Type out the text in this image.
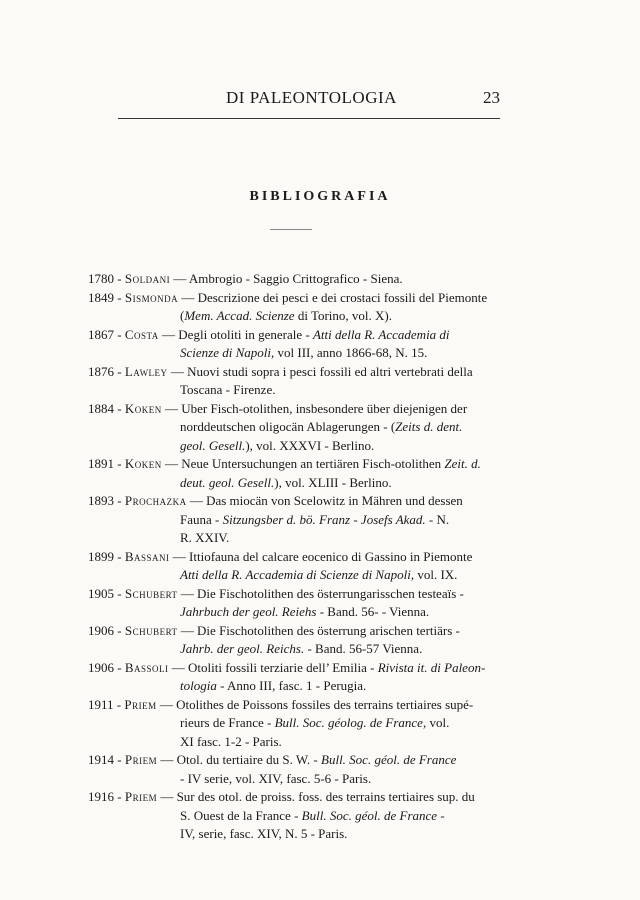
DI PALEONTOLOGIA	23
BIBLIOGRAFIA
1780 - Soldani — Ambrogio - Saggio Crittografico - Siena.
1849 - Sismonda — Descrizione dei pesci e dei crostaci fossili del Piemonte
(Mem. Accad. Scienze di Torino, vol. X).
1867 - Costa — Degli otoliti in generale - Atti della R. Accademia di
Scienze di Napoli, vol III, anno 1866-68, N. 15.
1876 - Lawley — Nuovi studi sopra i pesci fossili ed altri vertebrati della
Toscana - Firenze.
1884 - Koken — Uber Fisch-otolithen, insbesondere über diejenigen der
norddeutschen oligocän Ablagerungen - (Zeits d. dent.
geol. Gesell.), vol. XXXVI - Berlino.
1891 - Koken — Neue Untersuchungen an tertiären Fisch-otolithen Zeit. d.
deut. geol. Gesell.), vol. XLIII - Berlino.
1893 - Prochazka — Das miocän von Scelowitz in Mähren und dessen
Fauna - Sitzungsber d. bö. Franz - Josefs Akad. - N.
R. XXIV.
1899 - Bassani — Ittiofauna del calcare eocenico di Gassino in Piemonte
Atti della R. Accademia di Scienze di Napoli, vol. IX.
1905 - Schubert — Die Fischotolithen des österrungarisschen testeaïs -
Jahrbuch der geol. Reiehs - Band. 56- - Vienna.
1906 - Schubert — Die Fischotolithen des österrung arischen tertiärs -
Jahrb. der geol. Reichs. - Band. 56-57 Vienna.
1906 - Bassoli — Otoliti fossili terziarie dell’ Emilia - Rivista it. di Paleon-
tologia - Anno III, fasc. 1 - Perugia.
1911 - Priem — Otolithes de Poissons fossiles des terrains tertiaires supé-
rieurs de France - Bull. Soc. géolog. de France, vol.
XI fasc. 1-2 - Paris.
1914 - Priem — Otol. du tertiaire du S. W. - Bull. Soc. géol. de France
- IV serie, vol. XIV, fasc. 5-6 - Paris.
1916 - Priem — Sur des otol. de proiss. foss. des terrains tertiaires sup. du
S. Ouest de la France - Bull. Soc. géol. de France -
IV, serie, fasc. XIV, N. 5 - Paris.
